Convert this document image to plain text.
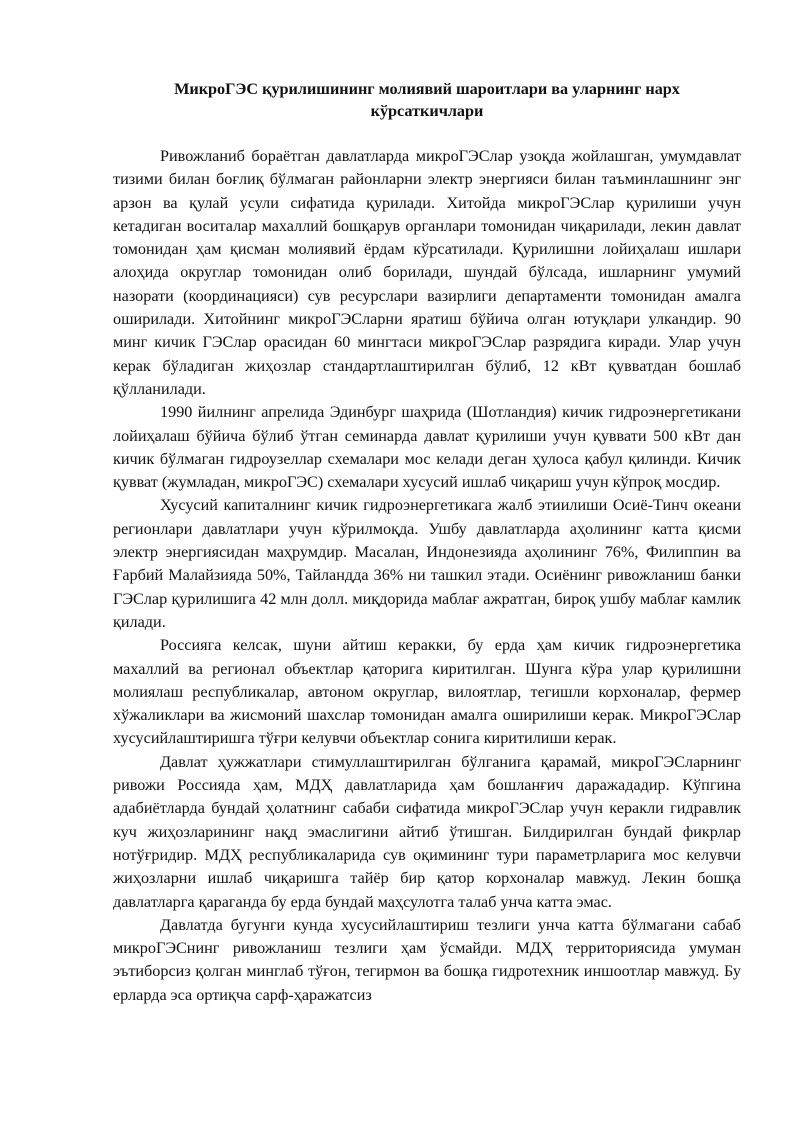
МикроГЭС қурилишининг молиявий шароитлари ва уларнинг нарх
кўрсаткичлари

Ривожланиб бораётган давлатларда микроГЭСлар узоқда жойлашган, умумдавлат тизими билан боғлиқ бўлмаган районларни электр энергияси билан таъминлашнинг энг арзон ва қулай усули сифатида қурилади. Хитойда микроГЭСлар қурилиши учун кетадиган воситалар махаллий бошқарув органлари томонидан чиқарилади, лекин давлат томонидан ҳам қисман молиявий ёрдам кўрсатилади. Қурилишни лойиҳалаш ишлари алоҳида округлар томонидан олиб борилади, шундай бўлсада, ишларнинг умумий назорати (координацияси) сув ресурслари вазирлиги департаменти томонидан амалга оширилади. Хитойнинг микроГЭСларни яратиш бўйича олган ютуқлари улкандир. 90 минг кичик ГЭСлар орасидан 60 мингтаси микроГЭСлар разрядига киради. Улар учун керак бўладиган жиҳозлар стандартлаштирилган бўлиб, 12 кВт қувватдан бошлаб қўлланилади.

1990 йилнинг апрелида Эдинбург шаҳрида (Шотландия) кичик гидроэнергетикани лойиҳалаш бўйича бўлиб ўтган семинарда давлат қурилиши учун қуввати 500 кВт дан кичик бўлмаган гидроузеллар схемалари мос келади деган ҳулоса қабул қилинди. Кичик қувват (жумладан, микроГЭС) схемалари хусусий ишлаб чиқариш учун кўпроқ мосдир.

Хусусий капиталнинг кичик гидроэнергетикага жалб этиилиши Осиё-Тинч океани регионлари давлатлари учун кўрилмоқда. Ушбу давлатларда аҳолининг катта қисми электр энергиясидан маҳрумдир. Масалан, Индонезияда аҳолининг 76%, Филиппин ва Ғарбий Малайзияда 50%, Тайландда 36% ни ташкил этади. Осиёнинг ривожланиш банки ГЭСлар қурилишига 42 млн долл. миқдорида маблағ ажратган, бироқ ушбу маблағ камлик қилади.

Россияга келсак, шуни айтиш керакки, бу ерда ҳам кичик гидроэнергетика махаллий ва регионал объектлар қаторига киритилган. Шунга кўра улар қурилишни молиялаш республикалар, автоном округлар, вилоятлар, тегишли корхоналар, фермер хўжаликлари ва жисмоний шахслар томонидан амалга оширилиши керак. МикроГЭСлар хусусийлаштиришга тўғри келувчи объектлар сонига киритилиши керак.

Давлат ҳужжатлари стимуллаштирилган бўлганига қарамай, микроГЭСларнинг ривожи Россияда ҳам, МДҲ давлатларида ҳам бошланғич даражададир. Кўпгина адабиётларда бундай ҳолатнинг сабаби сифатида микроГЭСлар учун керакли гидравлик куч жиҳозларининг нақд эмаслигини айтиб ўтишган. Билдирилган бундай фикрлар нотўғридир. МДҲ республикаларида сув оқимининг тури параметрларига мос келувчи жиҳозларни ишлаб чиқаришга тайёр бир қатор корхоналар мавжуд. Лекин бошқа давлатларга қараганда бу ерда бундай маҳсулотга талаб унча катта эмас.

Давлатда бугунги кунда хусусийлаштириш тезлиги унча катта бўлмагани сабаб микроГЭСнинг ривожланиш тезлиги ҳам ўсмайди. МДҲ территориясида умуман эътиборсиз қолган минглаб тўғон, тегирмон ва бошқа гидротехник иншоотлар мавжуд. Бу ерларда эса ортиқча сарф-ҳаражатсиз
